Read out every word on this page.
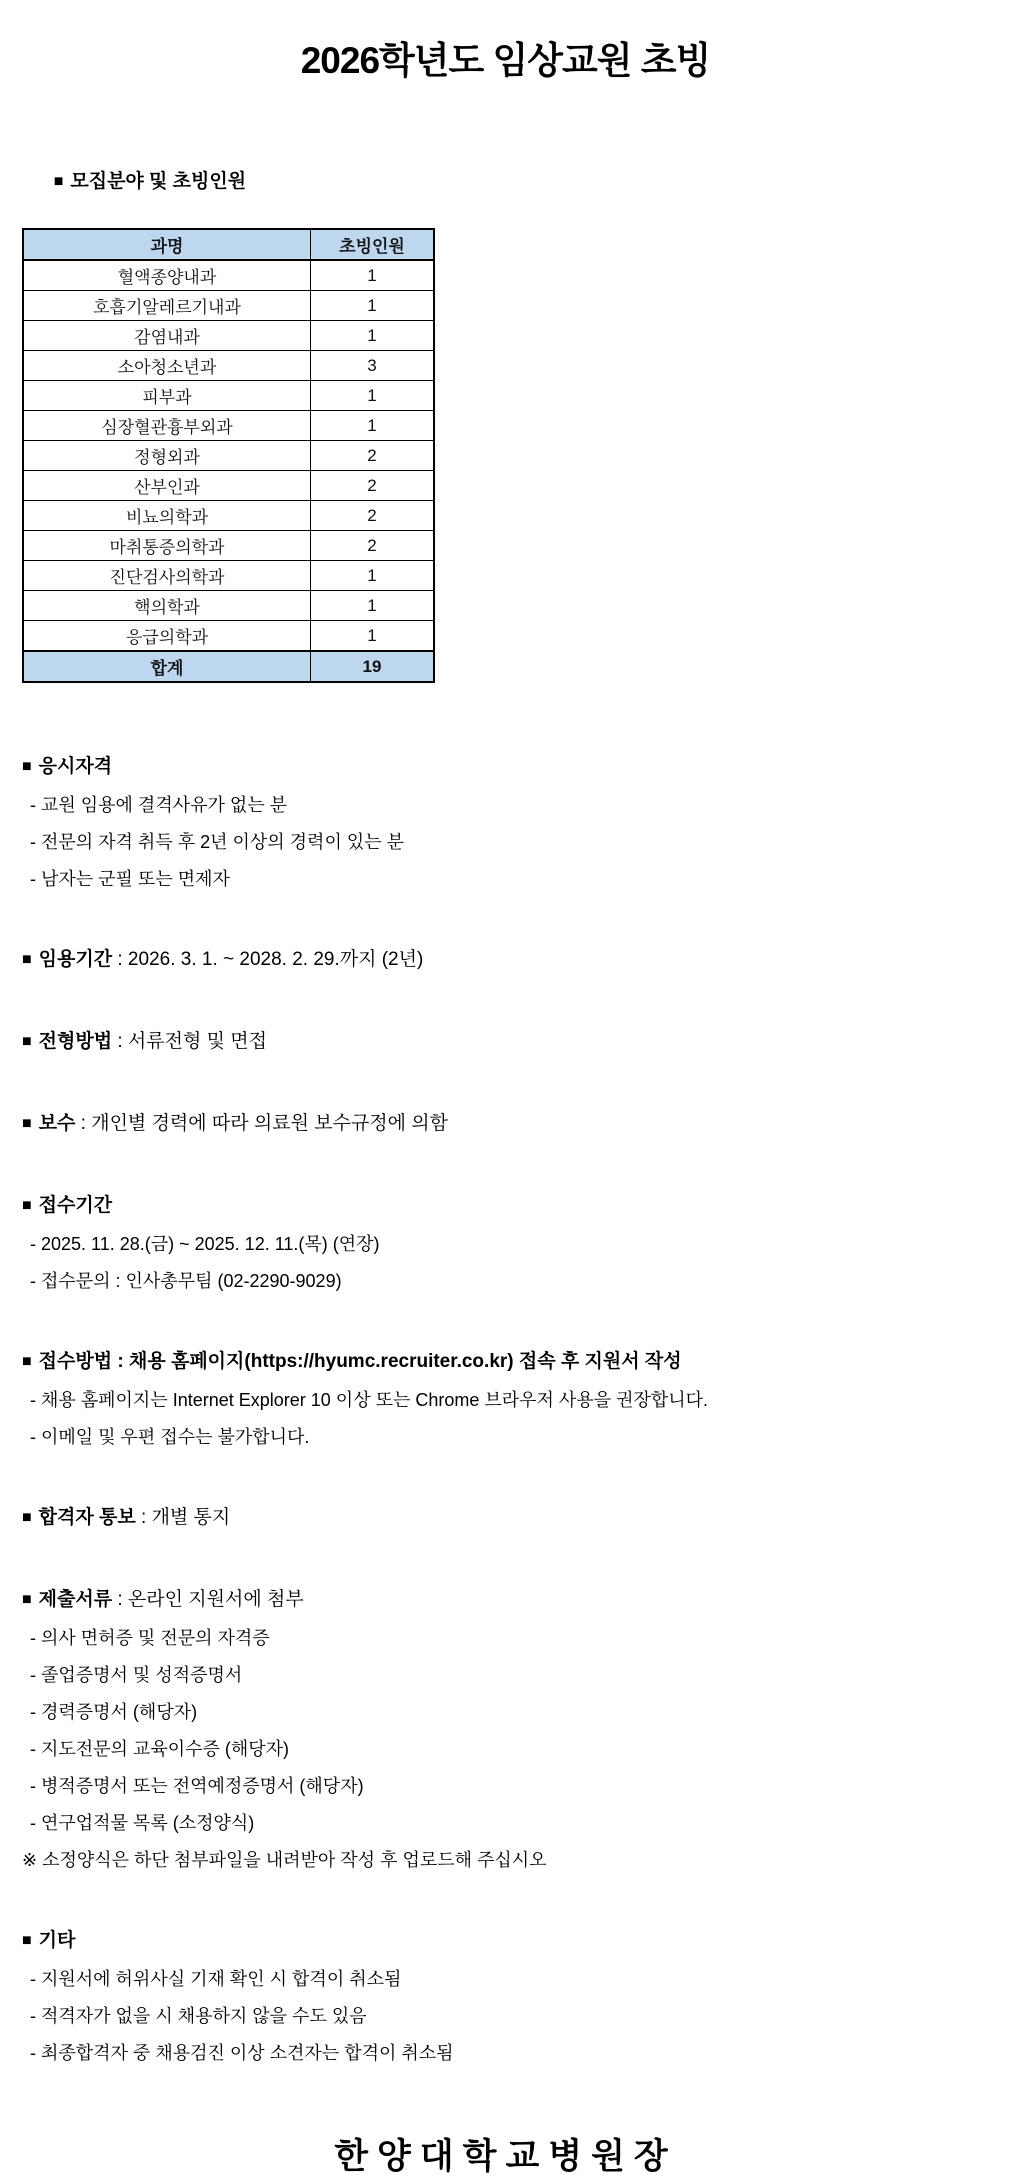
2026학년도 임상교원 초빙

■ 모집분야 및 초빙인원

과명	초빙인원
혈액종양내과	1
호흡기알레르기내과	1
감염내과	1
소아청소년과	3
피부과	1
심장혈관흉부외과	1
정형외과	2
산부인과	2
비뇨의학과	2
마취통증의학과	2
진단검사의학과	1
핵의학과	1
응급의학과	1
합계	19
■ 응시자격
- 교원 임용에 결격사유가 없는 분
- 전문의 자격 취득 후 2년 이상의 경력이 있는 분
- 남자는 군필 또는 면제자
■ 임용기간 : 2026. 3. 1. ~ 2028. 2. 29.까지 (2년)
■ 전형방법 : 서류전형 및 면접
■ 보수 : 개인별 경력에 따라 의료원 보수규정에 의함
■ 접수기간
- 2025. 11. 28.(금) ~ 2025. 12. 11.(목) (연장)
- 접수문의 : 인사총무팀 (02-2290-9029)
■ 접수방법 : 채용 홈페이지(https://hyumc.recruiter.co.kr) 접속 후 지원서 작성
- 채용 홈페이지는 Internet Explorer 10 이상 또는 Chrome 브라우저 사용을 권장합니다.
- 이메일 및 우편 접수는 불가합니다.
■ 합격자 통보 : 개별 통지
■ 제출서류 : 온라인 지원서에 첨부
- 의사 면허증 및 전문의 자격증
- 졸업증명서 및 성적증명서
- 경력증명서 (해당자)
- 지도전문의 교육이수증 (해당자)
- 병적증명서 또는 전역예정증명서 (해당자)
- 연구업적물 목록 (소정양식)
※ 소정양식은 하단 첨부파일을 내려받아 작성 후 업로드해 주십시오
■ 기타
- 지원서에 허위사실 기재 확인 시 합격이 취소됨
- 적격자가 없을 시 채용하지 않을 수도 있음
- 최종합격자 중 채용검진 이상 소견자는 합격이 취소됨
한양대학교병원장
